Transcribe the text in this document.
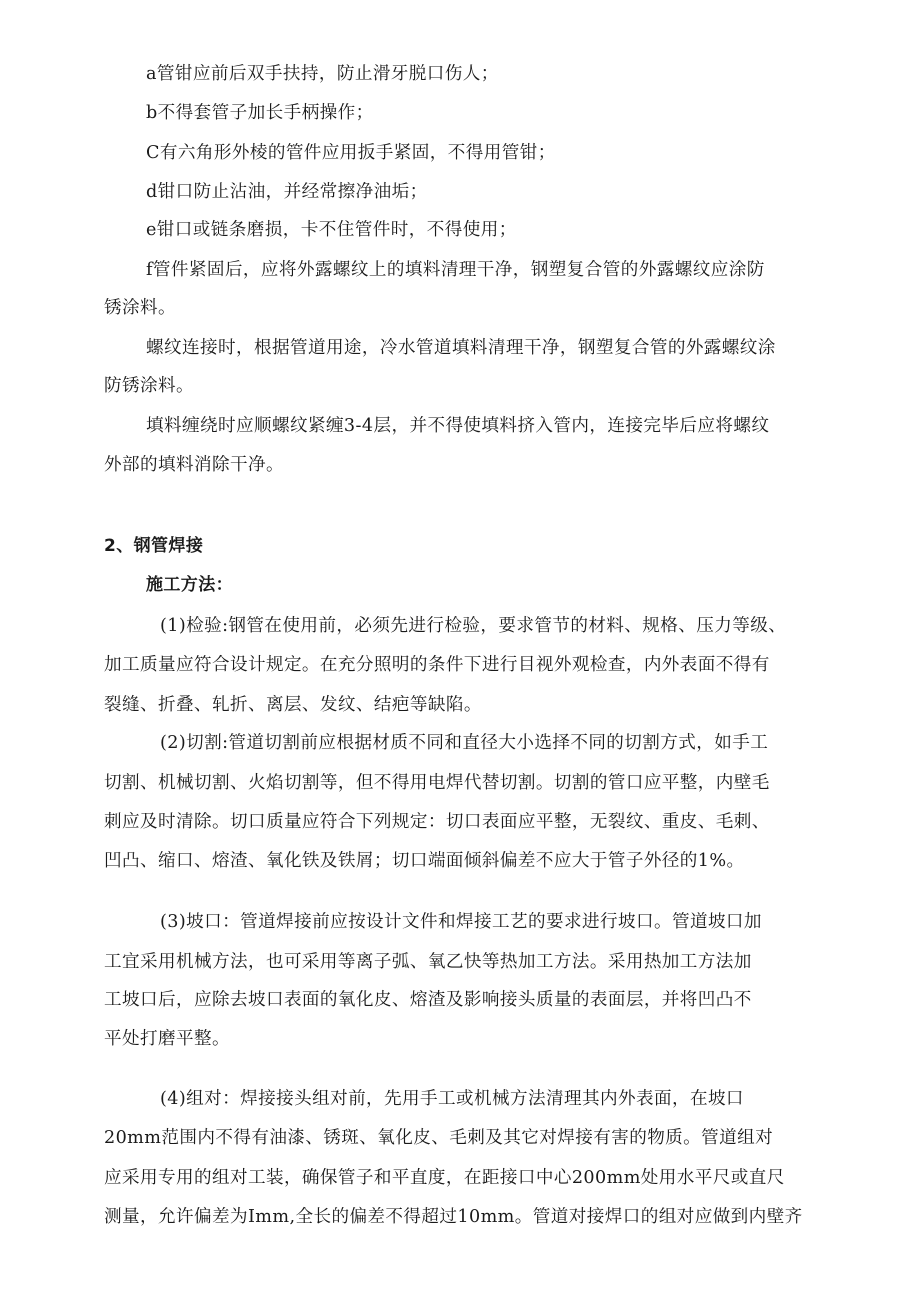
a管钳应前后双手扶持，防止滑牙脱口伤人；
b不得套管子加长手柄操作；
C有六角形外棱的管件应用扳手紧固，不得用管钳；
d钳口防止沾油，并经常擦净油垢；
e钳口或链条磨损，卡不住管件时，不得使用；
f管件紧固后，应将外露螺纹上的填料清理干净，钢塑复合管的外露螺纹应涂防
锈涂料。
螺纹连接时，根据管道用途，冷水管道填料清理干净，钢塑复合管的外露螺纹涂
防锈涂料。
填料缠绕时应顺螺纹紧缠3-4层，并不得使填料挤入管内，连接完毕后应将螺纹
外部的填料消除干净。
2、钢管焊接
施工方法：
(1)检验:钢管在使用前，必须先进行检验，要求管节的材料、规格、压力等级、
加工质量应符合设计规定。在充分照明的条件下进行目视外观检查，内外表面不得有
裂缝、折叠、轧折、离层、发纹、结疤等缺陷。
(2)切割:管道切割前应根据材质不同和直径大小选择不同的切割方式，如手工
切割、机械切割、火焰切割等，但不得用电焊代替切割。切割的管口应平整，内壁毛
刺应及时清除。切口质量应符合下列规定：切口表面应平整，无裂纹、重皮、毛刺、
凹凸、缩口、熔渣、氧化铁及铁屑；切口端面倾斜偏差不应大于管子外径的1%。
(3)坡口：管道焊接前应按设计文件和焊接工艺的要求进行坡口。管道坡口加
工宜采用机械方法，也可采用等离子弧、氧乙快等热加工方法。采用热加工方法加
工坡口后，应除去坡口表面的氧化皮、熔渣及影响接头质量的表面层，并将凹凸不
平处打磨平整。
(4)组对：焊接接头组对前，先用手工或机械方法清理其内外表面，在坡口
20mm范围内不得有油漆、锈斑、氧化皮、毛刺及其它对焊接有害的物质。管道组对
应采用专用的组对工装，确保管子和平直度，在距接口中心200mm处用水平尺或直尺
测量，允许偏差为Imm,全长的偏差不得超过10mm。管道对接焊口的组对应做到内壁齐
